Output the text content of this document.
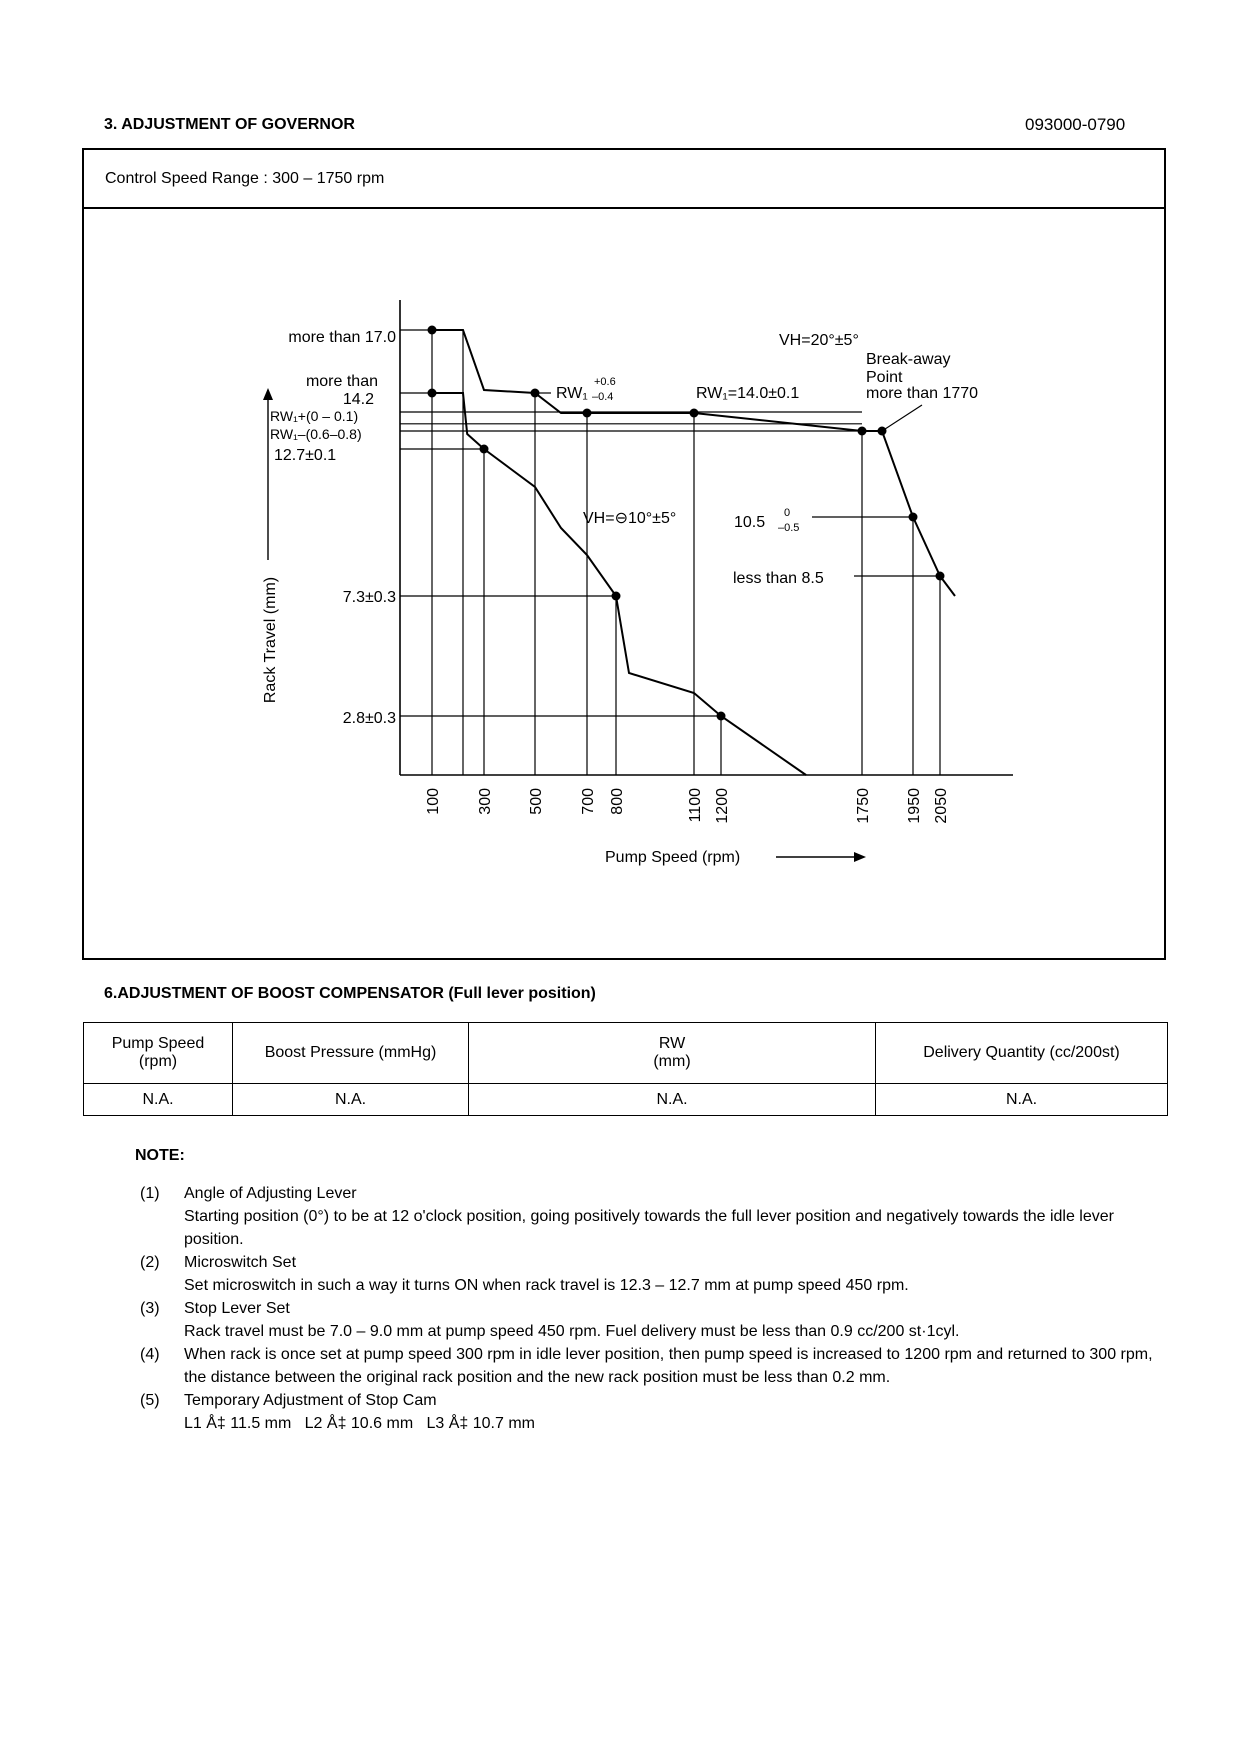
3. ADJUSTMENT OF GOVERNOR	093000-0790
Control Speed Range : 300 – 1750 rpm
100 300 500 700 800	1100 1200	1750 1950 2050
more than 17.0
more than
14.2
RW₁+(0 – 0.1)
RW₁–(0.6–0.8)
12.7±0.1
7.3±0.3
2.8±0.3
Rack Travel (mm)
Pump Speed (rpm)
RW₁
+0.6
–0.4	RW₁=14.0±0.1
VH=20°±5°
Break-away
Point
more than 1770
VH=⊖10°±5°	10.5
0
–0.5
less than 8.5
6.ADJUSTMENT OF BOOST COMPENSATOR (Full lever position)
Pump Speed
(rpm)	Boost Pressure (mmHg)	RW
(mm)	Delivery Quantity (cc/200st)
N.A.	N.A.	N.A.	N.A.
NOTE:
(1)	Angle of Adjusting Lever
Starting position (0°) to be at 12 o'clock position, going positively towards the full lever position and negatively towards the idle lever position.
(2)	Microswitch Set
Set microswitch in such a way it turns ON when rack travel is 12.3 – 12.7 mm at pump speed 450 rpm.
(3)	Stop Lever Set
Rack travel must be 7.0 – 9.0 mm at pump speed 450 rpm. Fuel delivery must be less than 0.9 cc/200 st·1cyl.
(4)	When rack is once set at pump speed 300 rpm in idle lever position, then pump speed is increased to 1200 rpm and returned to 300 rpm, the distance between the original rack position and the new rack position must be less than 0.2 mm.
(5)	Temporary Adjustment of Stop Cam
L1 Å‡ 11.5 mm   L2 Å‡ 10.6 mm   L3 Å‡ 10.7 mm
